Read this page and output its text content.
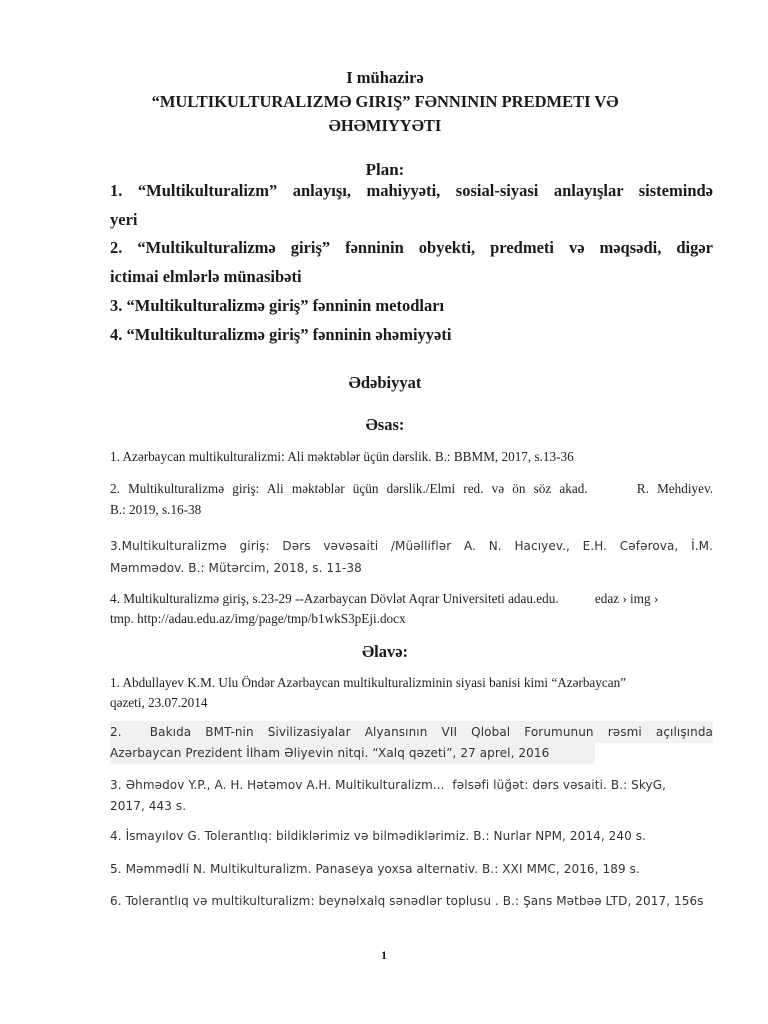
I mühazirə
“MULTIKULTURALIZMƏ GIRIŞ” FƏNNININ PREDMETI VƏ
ƏHƏMIYYƏTI
Plan:
1. “Multikulturalizm” anlayışı, mahiyyəti, sosial-siyasi anlayışlar sistemində
yeri
2. “Multikulturalizmə giriş” fənninin obyekti, predmeti və məqsədi, digər
ictimai elmlərlə münasibəti
3. “Multikulturalizmə giriş” fənninin metodları
4. “Multikulturalizmə giriş” fənninin əhəmiyyəti
Ədəbiyyat
Əsas:
1. Azərbaycan multikulturalizmi: Ali məktəblər üçün dərslik. B.: BBMM, 2017, s.13-36
2. Multikulturalizmə giriş: Ali məktəblər üçün dərslik./Elmi red. və ön söz akad.      R. Mehdiyev.
B.: 2019, s.16-38
3.Multikulturalizmə giriş: Dərs vəvəsaiti /Müəlliflər A. N. Hacıyev., E.H. Cəfərova, İ.M.
Məmmədov. B.: Mütərcim, 2018, s. 11-38
4. Multikulturalizmə giriş, s.23-29 --Azərbaycan Dövlət Aqrar Universiteti adau.edu.           edaz › img ›
tmp. http://adau.edu.az/img/page/tmp/b1wkS3pEji.docx
Əlavə:
1. Abdullayev K.M. Ulu Öndər Azərbaycan multikulturalizminin siyasi banisi kimi “Azərbaycan”
qəzeti, 23.07.2014
2.  Bakıda BMT-nin Sivilizasiyalar Alyansının VII Qlobal Forumunun rəsmi açılışında
Azərbaycan Prezident İlham Əliyevin nitqi. “Xalq qəzeti”, 27 aprel, 2016
3. Əhmədov Y.P., A. H. Hətəmov A.H. Multikulturalizm...  fəlsəfi lüğət: dərs vəsaiti. B.: SkyG,
2017, 443 s.
4. İsmayılov G. Tolerantlıq: bildiklərimiz və bilmədiklərimiz. B.: Nurlar NPM, 2014, 240 s.
5. Məmmədli N. Multikulturalizm. Panaseya yoxsa alternativ. B.: XXI MMC, 2016, 189 s.
6. Tolerantlıq və multikulturalizm: beynəlxalq sənədlər toplusu . B.: Şans Mətbəə LTD, 2017, 156s
1
